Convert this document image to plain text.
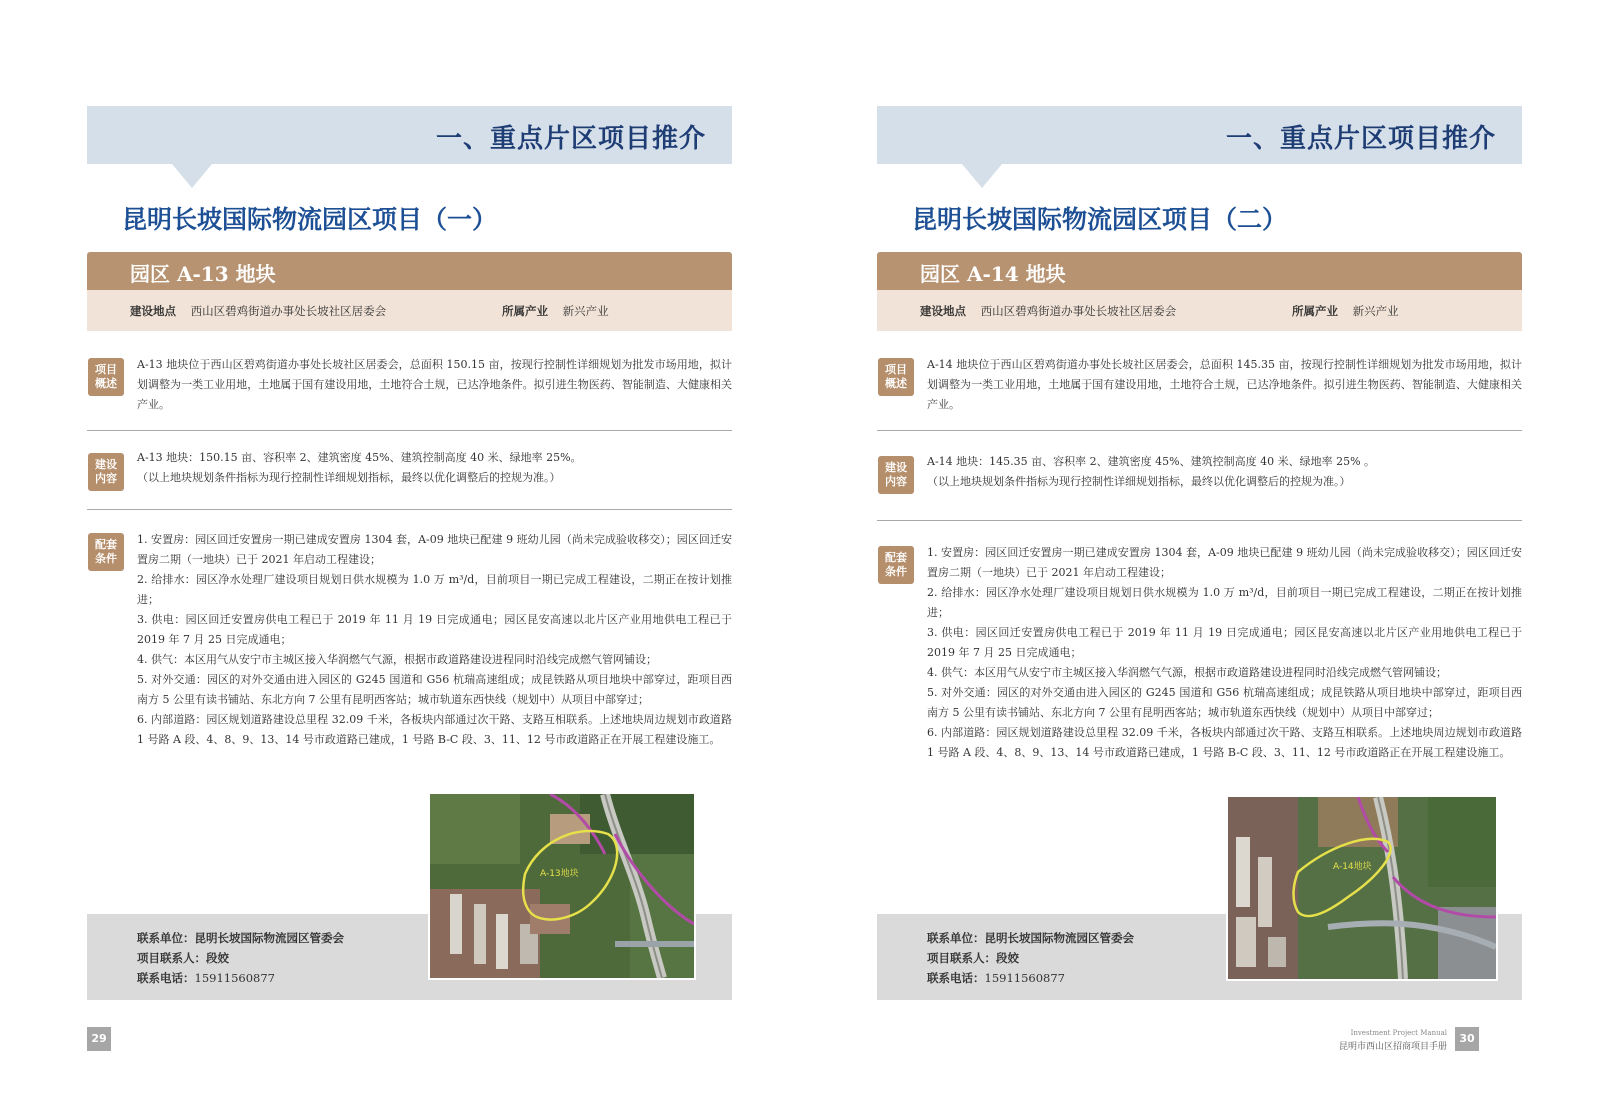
一、重点片区项目推介
昆明长坡国际物流园区项目（一）
园区 A-13 地块
建设地点 西山区碧鸡街道办事处长坡社区居委会	所属产业 新兴产业
项目
概述
A-13 地块位于西山区碧鸡街道办事处长坡社区居委会，总面积 150.15 亩，按现行控制性详细规划为批发市场用地，拟计划调整为一类工业用地，土地属于国有建设用地，土地符合土规，已达净地条件。拟引进生物医药、智能制造、大健康相关产业。
建设
内容
A-13 地块：150.15 亩、容积率 2、建筑密度 45%、建筑控制高度 40 米、绿地率 25%。
（以上地块规划条件指标为现行控制性详细规划指标，最终以优化调整后的控规为准。）
配套
条件
1. 安置房：园区回迁安置房一期已建成安置房 1304 套，A-09 地块已配建 9 班幼儿园（尚未完成验收移交）；园区回迁安置房二期（一地块）已于 2021 年启动工程建设；
2. 给排水：园区净水处理厂建设项目规划日供水规模为 1.0 万 m³/d，目前项目一期已完成工程建设，二期正在按计划推进；
3. 供电：园区回迁安置房供电工程已于 2019 年 11 月 19 日完成通电；园区昆安高速以北片区产业用地供电工程已于 2019 年 7 月 25 日完成通电；
4. 供气：本区用气从安宁市主城区接入华润燃气气源，根据市政道路建设进程同时沿线完成燃气管网铺设；
5. 对外交通：园区的对外交通由进入园区的 G245 国道和 G56 杭瑞高速组成；成昆铁路从项目地块中部穿过，距项目西南方 5 公里有读书铺站、东北方向 7 公里有昆明西客站；城市轨道东西快线（规划中）从项目中部穿过；
6. 内部道路：园区规划道路建设总里程 32.09 千米，各板块内部通过次干路、支路互相联系。上述地块周边规划市政道路 1 号路 A 段、4、8、9、13、14 号市政道路已建成，1 号路 B-C 段、3、11、12 号市政道路正在开展工程建设施工。
联系单位：昆明长坡国际物流园区管委会
项目联系人：段姣
联系电话：15911560877
A-13地块
29
一、重点片区项目推介
昆明长坡国际物流园区项目（二）
园区 A-14 地块
建设地点 西山区碧鸡街道办事处长坡社区居委会	所属产业 新兴产业
项目
概述
A-14 地块位于西山区碧鸡街道办事处长坡社区居委会，总面积 145.35 亩，按现行控制性详细规划为批发市场用地，拟计划调整为一类工业用地，土地属于国有建设用地，土地符合土规，已达净地条件。拟引进生物医药、智能制造、大健康相关产业。
建设
内容
A-14 地块：145.35 亩、容积率 2、建筑密度 45%、建筑控制高度 40 米、绿地率 25% 。
（以上地块规划条件指标为现行控制性详细规划指标，最终以优化调整后的控规为准。）
配套
条件
1. 安置房：园区回迁安置房一期已建成安置房 1304 套，A-09 地块已配建 9 班幼儿园（尚未完成验收移交）；园区回迁安置房二期（一地块）已于 2021 年启动工程建设；
2. 给排水：园区净水处理厂建设项目规划日供水规模为 1.0 万 m³/d，目前项目一期已完成工程建设，二期正在按计划推进；
3. 供电：园区回迁安置房供电工程已于 2019 年 11 月 19 日完成通电；园区昆安高速以北片区产业用地供电工程已于 2019 年 7 月 25 日完成通电；
4. 供气：本区用气从安宁市主城区接入华润燃气气源，根据市政道路建设进程同时沿线完成燃气管网铺设；
5. 对外交通：园区的对外交通由进入园区的 G245 国道和 G56 杭瑞高速组成；成昆铁路从项目地块中部穿过，距项目西南方 5 公里有读书铺站、东北方向 7 公里有昆明西客站；城市轨道东西快线（规划中）从项目中部穿过；
6. 内部道路：园区规划道路建设总里程 32.09 千米，各板块内部通过次干路、支路互相联系。上述地块周边规划市政道路 1 号路 A 段、4、8、9、13、14 号市政道路已建成，1 号路 B-C 段、3、11、12 号市政道路正在开展工程建设施工。
联系单位：昆明长坡国际物流园区管委会
项目联系人：段姣
联系电话：15911560877
A-14地块
Investment Project Manual
昆明市西山区招商项目手册
30
